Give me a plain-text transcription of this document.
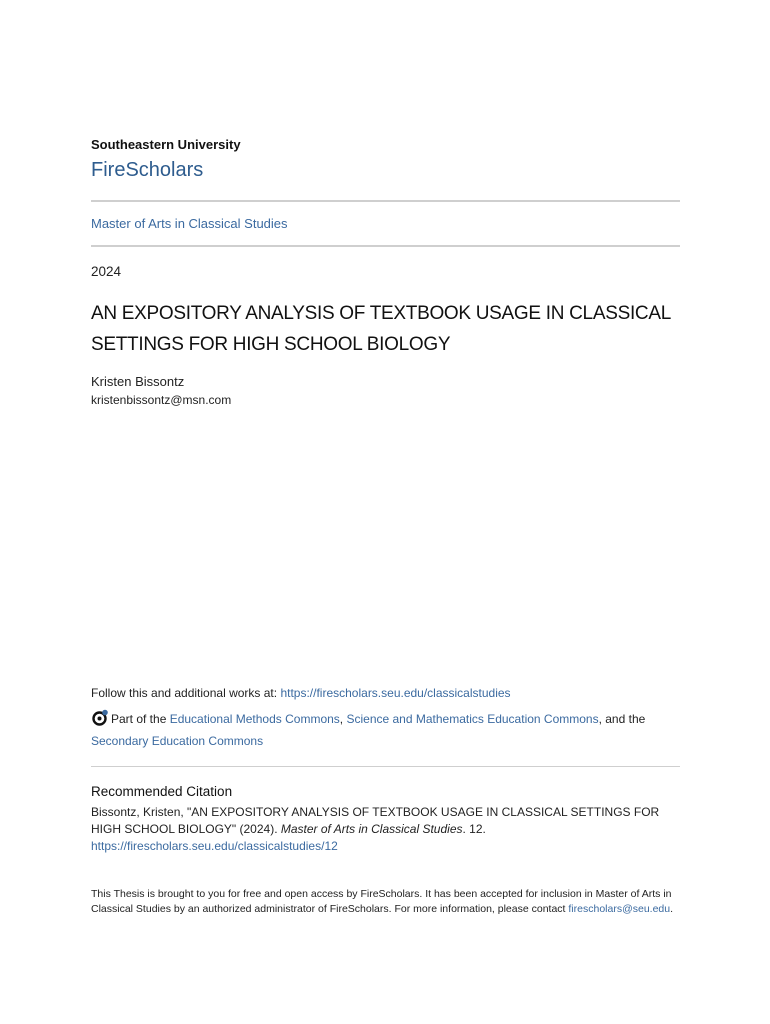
Southeastern University
FireScholars
Master of Arts in Classical Studies
2024
AN EXPOSITORY ANALYSIS OF TEXTBOOK USAGE IN CLASSICAL
SETTINGS FOR HIGH SCHOOL BIOLOGY
Kristen Bissontz
kristenbissontz@msn.com
Follow this and additional works at: https://firescholars.seu.edu/classicalstudies
Part of the Educational Methods Commons, Science and Mathematics Education Commons, and the
Secondary Education Commons
Recommended Citation
Bissontz, Kristen, "AN EXPOSITORY ANALYSIS OF TEXTBOOK USAGE IN CLASSICAL SETTINGS FOR HIGH SCHOOL BIOLOGY" (2024). Master of Arts in Classical Studies. 12.
https://firescholars.seu.edu/classicalstudies/12
This Thesis is brought to you for free and open access by FireScholars. It has been accepted for inclusion in Master of Arts in Classical Studies by an authorized administrator of FireScholars. For more information, please contact firescholars@seu.edu.
